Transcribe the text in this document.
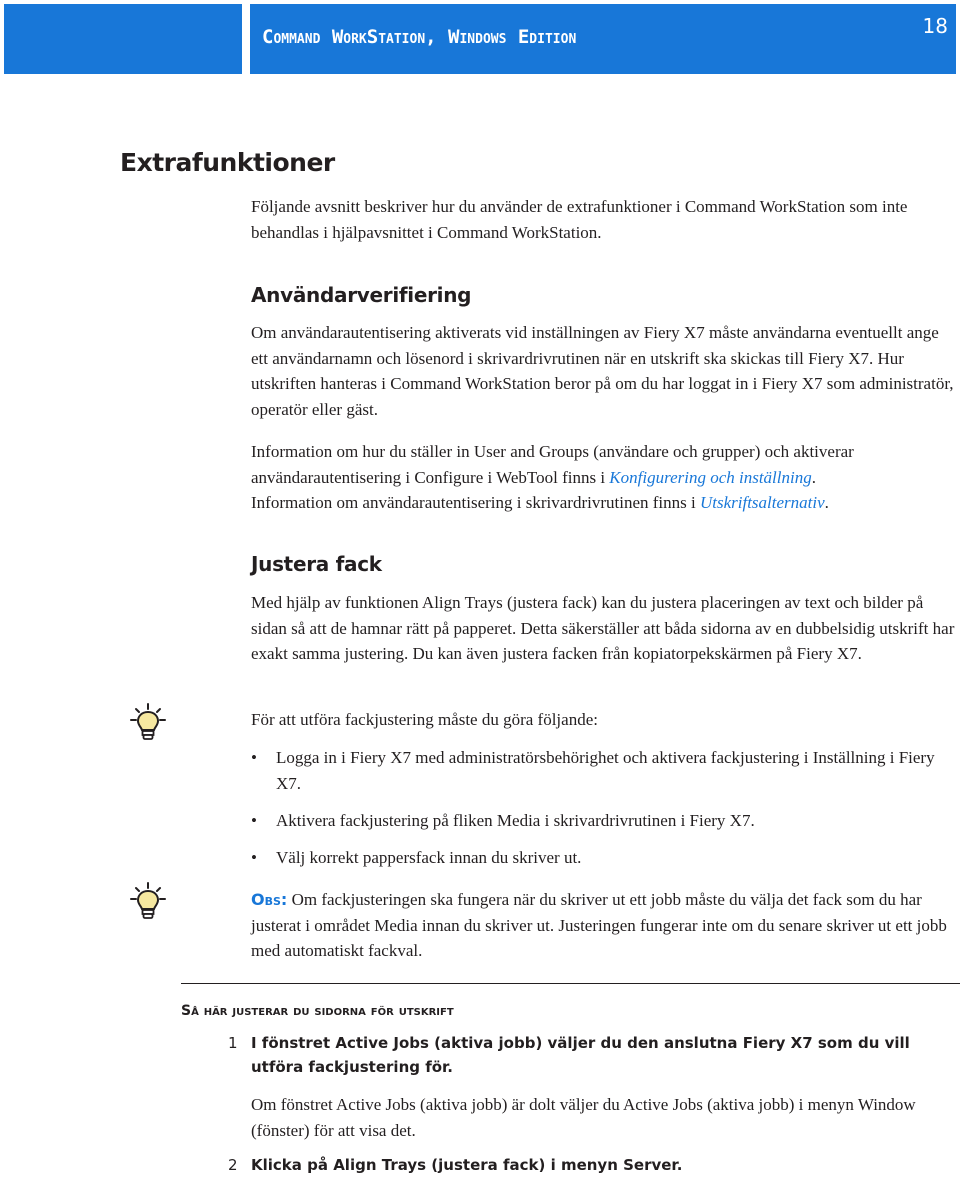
Command WorkStation, Windows Edition	18
Extrafunktioner
Följande avsnitt beskriver hur du använder de extrafunktioner i Command WorkStation som inte behandlas i hjälpavsnittet i Command WorkStation.
Användarverifiering
Om användarautentisering aktiverats vid inställningen av Fiery X7 måste användarna eventuellt ange ett användarnamn och lösenord i skrivardrivrutinen när en utskrift ska skickas till Fiery X7. Hur utskriften hanteras i Command WorkStation beror på om du har loggat in i Fiery X7 som administratör, operatör eller gäst.
Information om hur du ställer in User and Groups (användare och grupper) och aktiverar användarautentisering i Configure i WebTool finns i Konfigurering och inställning.
Information om användarautentisering i skrivardrivrutinen finns i Utskriftsalternativ.
Justera fack
Med hjälp av funktionen Align Trays (justera fack) kan du justera placeringen av text och bilder på sidan så att de hamnar rätt på papperet. Detta säkerställer att båda sidorna av en dubbelsidig utskrift har exakt samma justering. Du kan även justera facken från kopiatorpekskärmen på Fiery X7.
För att utföra fackjustering måste du göra följande:
• Logga in i Fiery X7 med administratörsbehörighet och aktivera fackjustering i Inställning i Fiery X7.
• Aktivera fackjustering på fliken Media i skrivardrivrutinen i Fiery X7.
• Välj korrekt pappersfack innan du skriver ut.
Obs: Om fackjusteringen ska fungera när du skriver ut ett jobb måste du välja det fack som du har justerat i området Media innan du skriver ut. Justeringen fungerar inte om du senare skriver ut ett jobb med automatiskt fackval.
Så här justerar du sidorna för utskrift
1 I fönstret Active Jobs (aktiva jobb) väljer du den anslutna Fiery X7 som du vill utföra fackjustering för.
Om fönstret Active Jobs (aktiva jobb) är dolt väljer du Active Jobs (aktiva jobb) i menyn Window (fönster) för att visa det.
2 Klicka på Align Trays (justera fack) i menyn Server.
